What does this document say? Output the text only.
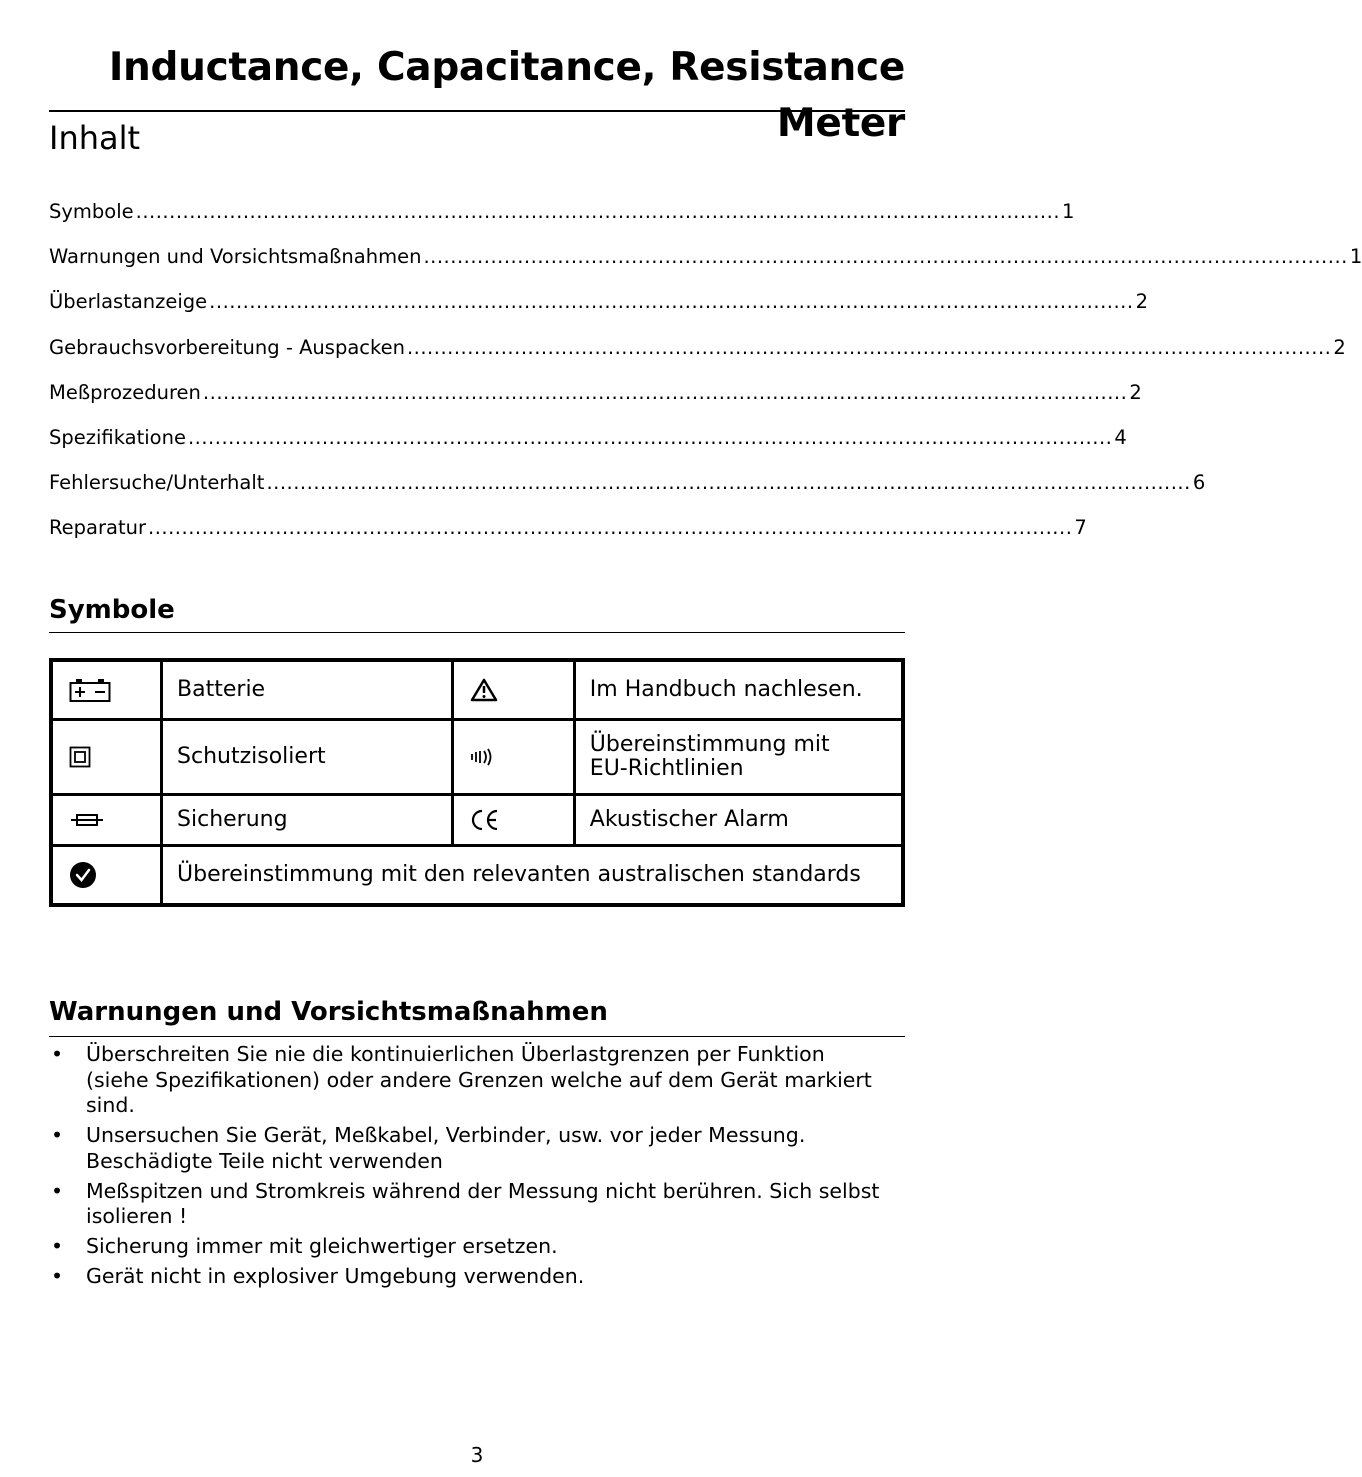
Inductance, Capacitance, Resistance Meter
Inhalt
Symbole .......................................................................................................................................... 1
Warnungen und Vorsichtsmaßnahmen .......................................................................................................................................... 1
Überlastanzeige .......................................................................................................................................... 2
Gebrauchsvorbereitung - Auspacken .......................................................................................................................................... 2
Meßprozeduren .......................................................................................................................................... 2
Spezifikatione .......................................................................................................................................... 4
Fehlersuche/Unterhalt .......................................................................................................................................... 6
Reparatur .......................................................................................................................................... 7
Symbole
	Batterie		Im Handbuch nachlesen.

	Schutzisoliert		Übereinstimmung mit
EU-Richtlinien

	Sicherung		Akustischer Alarm

	Übereinstimmung mit den relevanten australischen standards		
Warnungen und Vorsichtsmaßnahmen
• Überschreiten Sie nie die kontinuierlichen Überlastgrenzen per Funktion
(siehe Spezifikationen) oder andere Grenzen welche auf dem Gerät markiert
sind.
• Unsersuchen Sie Gerät, Meßkabel, Verbinder, usw. vor jeder Messung.
Beschädigte Teile nicht verwenden
• Meßspitzen und Stromkreis während der Messung nicht berühren. Sich selbst
isolieren !
• Sicherung immer mit gleichwertiger ersetzen.
• Gerät nicht in explosiver Umgebung verwenden.
3
